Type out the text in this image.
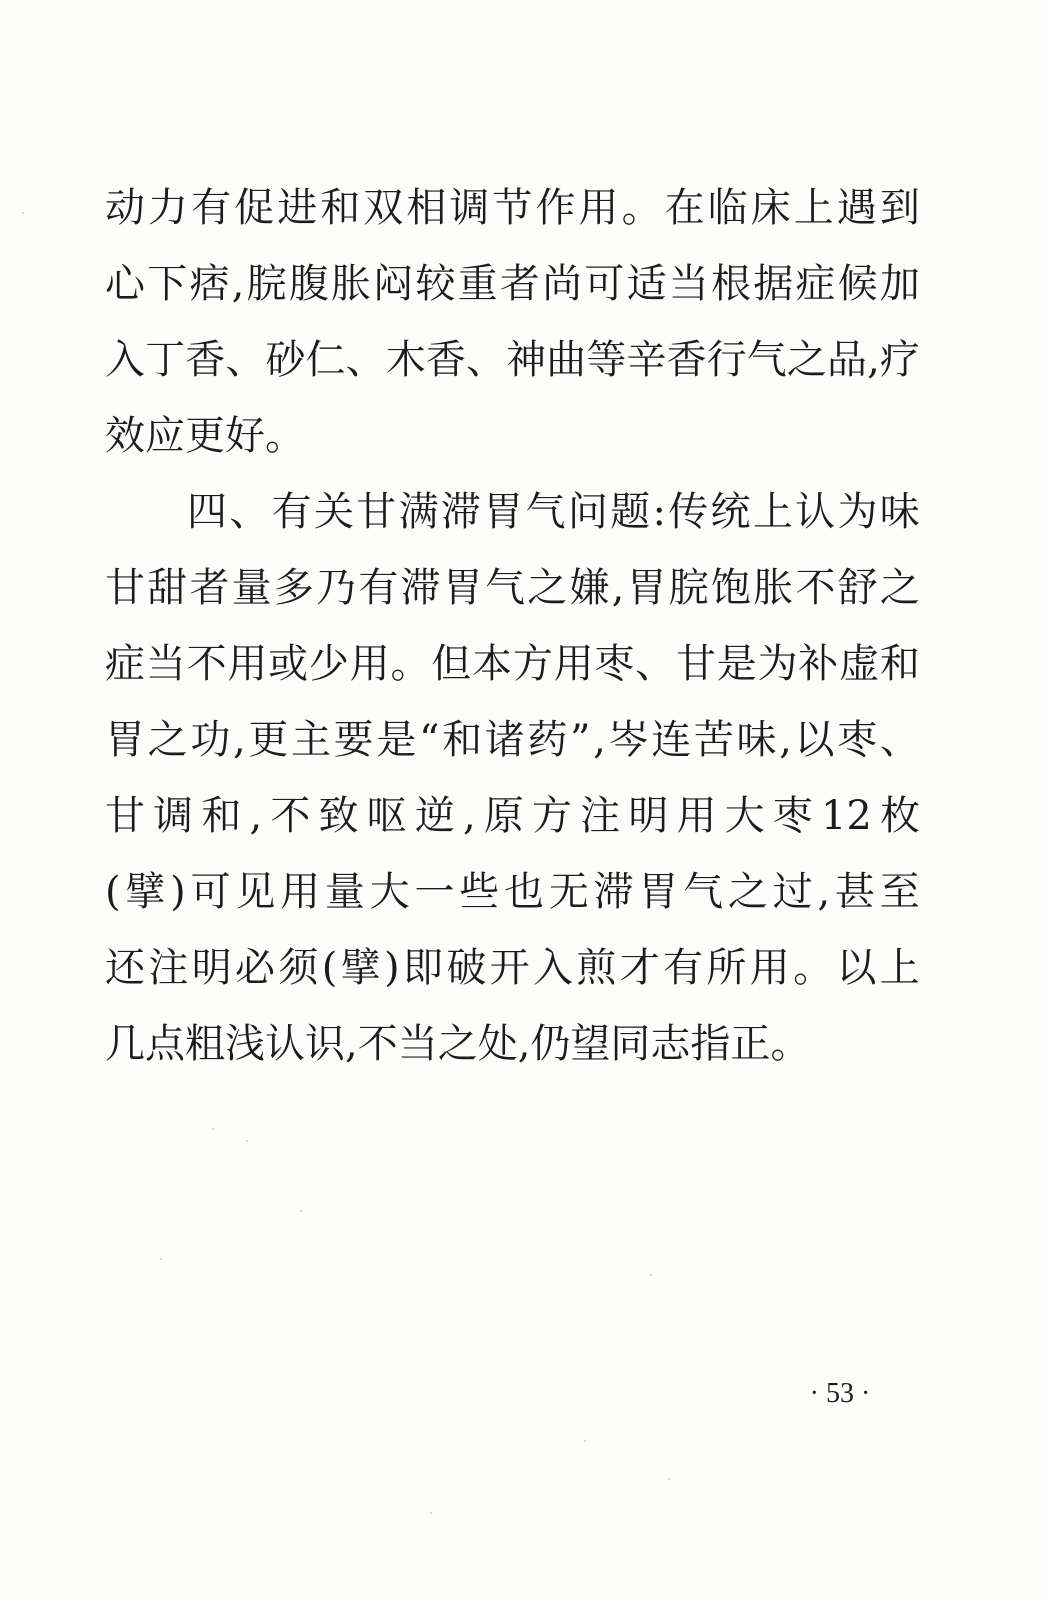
动 力 有 促 进 和 双 相 调 节 作 用 。 在 临 床 上 遇 到
心 下 痞 , 脘 腹 胀 闷 较 重 者 尚 可 适 当 根 据 症 候 加
入 丁 香 、 砂 仁 、 木 香 、 神 曲 等 辛 香 行 气 之 品 , 疗
效应更好。
四 、 有 关 甘 满 滞 胃 气 问 题 : 传 统 上 认 为 味
甘 甜 者 量 多 乃 有 滞 胃 气 之 嫌 , 胃 脘 饱 胀 不 舒 之
症 当 不 用 或 少 用 。 但 本 方 用 枣 、 甘 是 为 补 虚 和
胃 之 功 , 更 主 要 是 “ 和 诸 药 ” , 岑 连 苦 味 , 以 枣 、
甘 调 和 , 不 致 呕 逆 , 原 方 注 明 用 大 枣 12 枚
( 擘 ) 可 见 用 量 大 一 些 也 无 滞 胃 气 之 过 , 甚 至
还 注 明 必 须 ( 擘 ) 即 破 开 入 煎 才 有 所 用 。 以 上
几点粗浅认识,不当之处,仍望同志指正。
· 53 ·
